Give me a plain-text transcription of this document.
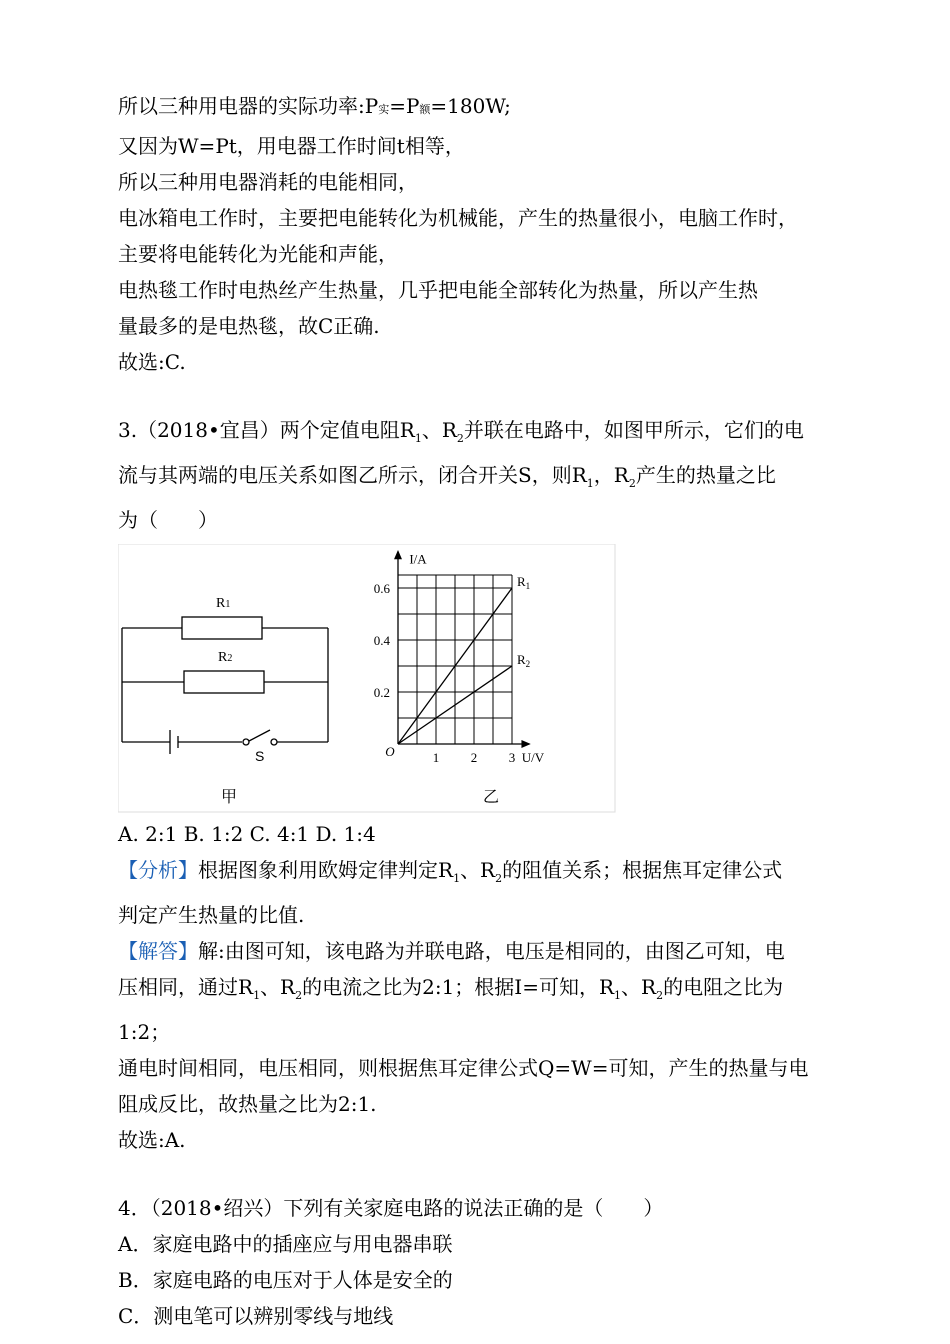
所以三种用电器的实际功率:P实=P额=180W;
又因为W=Pt，用电器工作时间t相等，
所以三种用电器消耗的电能相同，
电冰箱电工作时，主要把电能转化为机械能，产生的热量很小，电脑工作时，
主要将电能转化为光能和声能，
电热毯工作时电热丝产生热量，几乎把电能全部转化为热量，所以产生热
量最多的是电热毯，故C正确.
故选:C.
3.（2018•宜昌）两个定值电阻$R_1$、$R_2$并联在电路中，如图甲所示，它们的电
流与其两端的电压关系如图乙所示，闭合开关S，则$R_1$，$R_2$产生的热量之比
为（　　）
R1
R2
S
甲
1 2 3
0.2
0.4
0.6
O	U/V
I/A
$R_1$
$R_2$
乙
A. 2:1 B. 1:2 C. 4:1 D. 1:4
【分析】根据图象利用欧姆定律判定$R_1$、$R_2$的阻值关系；根据焦耳定律公式
判定产生热量的比值.
【解答】解:由图可知，该电路为并联电路，电压是相同的，由图乙可知，电
压相同，通过$R_1$、$R_2$的电流之比为2:1；根据I=可知，$R_1$、$R_2$的电阻之比为
1:2；
通电时间相同，电压相同，则根据焦耳定律公式Q=W=可知，产生的热量与电
阻成反比，故热量之比为2:1.
故选:A.
4．（2018•绍兴）下列有关家庭电路的说法正确的是（　　）
A．家庭电路中的插座应与用电器串联
B．家庭电路的电压对于人体是安全的
C．测电笔可以辨别零线与地线
